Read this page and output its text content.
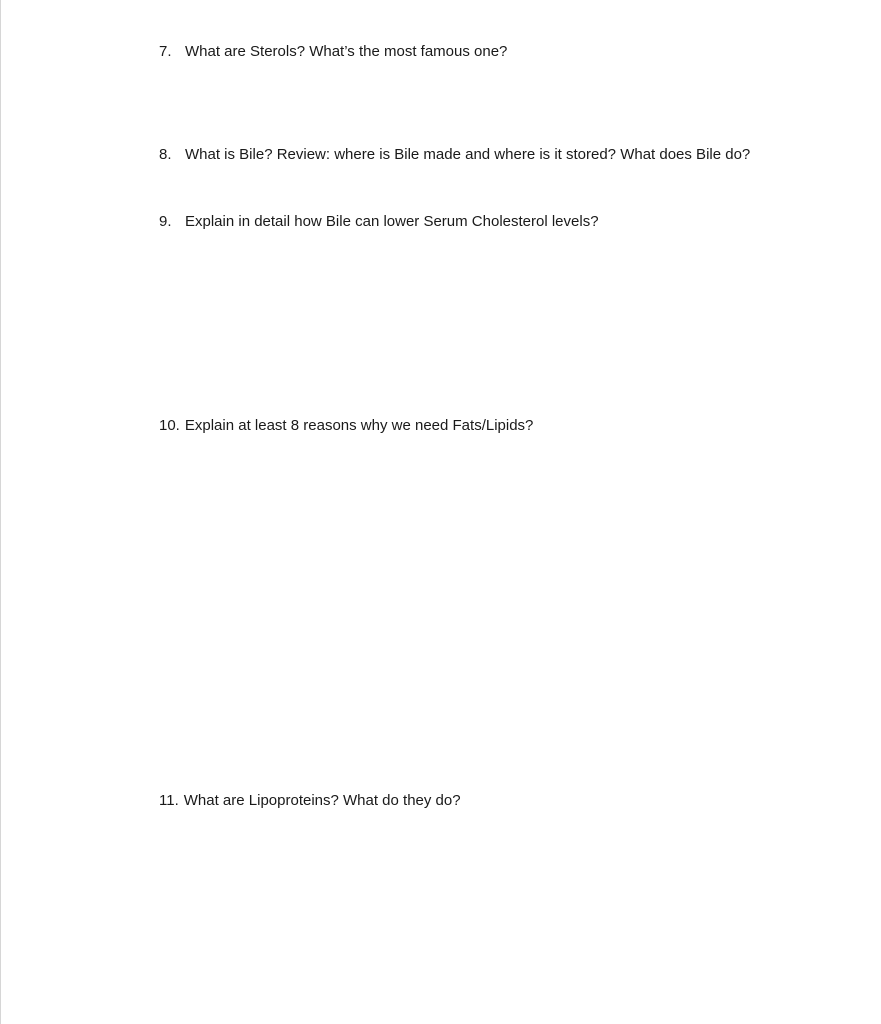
7. What are Sterols? What’s the most famous one?
8. What is Bile? Review: where is Bile made and where is it stored? What does Bile do?
9. Explain in detail how Bile can lower Serum Cholesterol levels?
10. Explain at least 8 reasons why we need Fats/Lipids?
11. What are Lipoproteins? What do they do?
